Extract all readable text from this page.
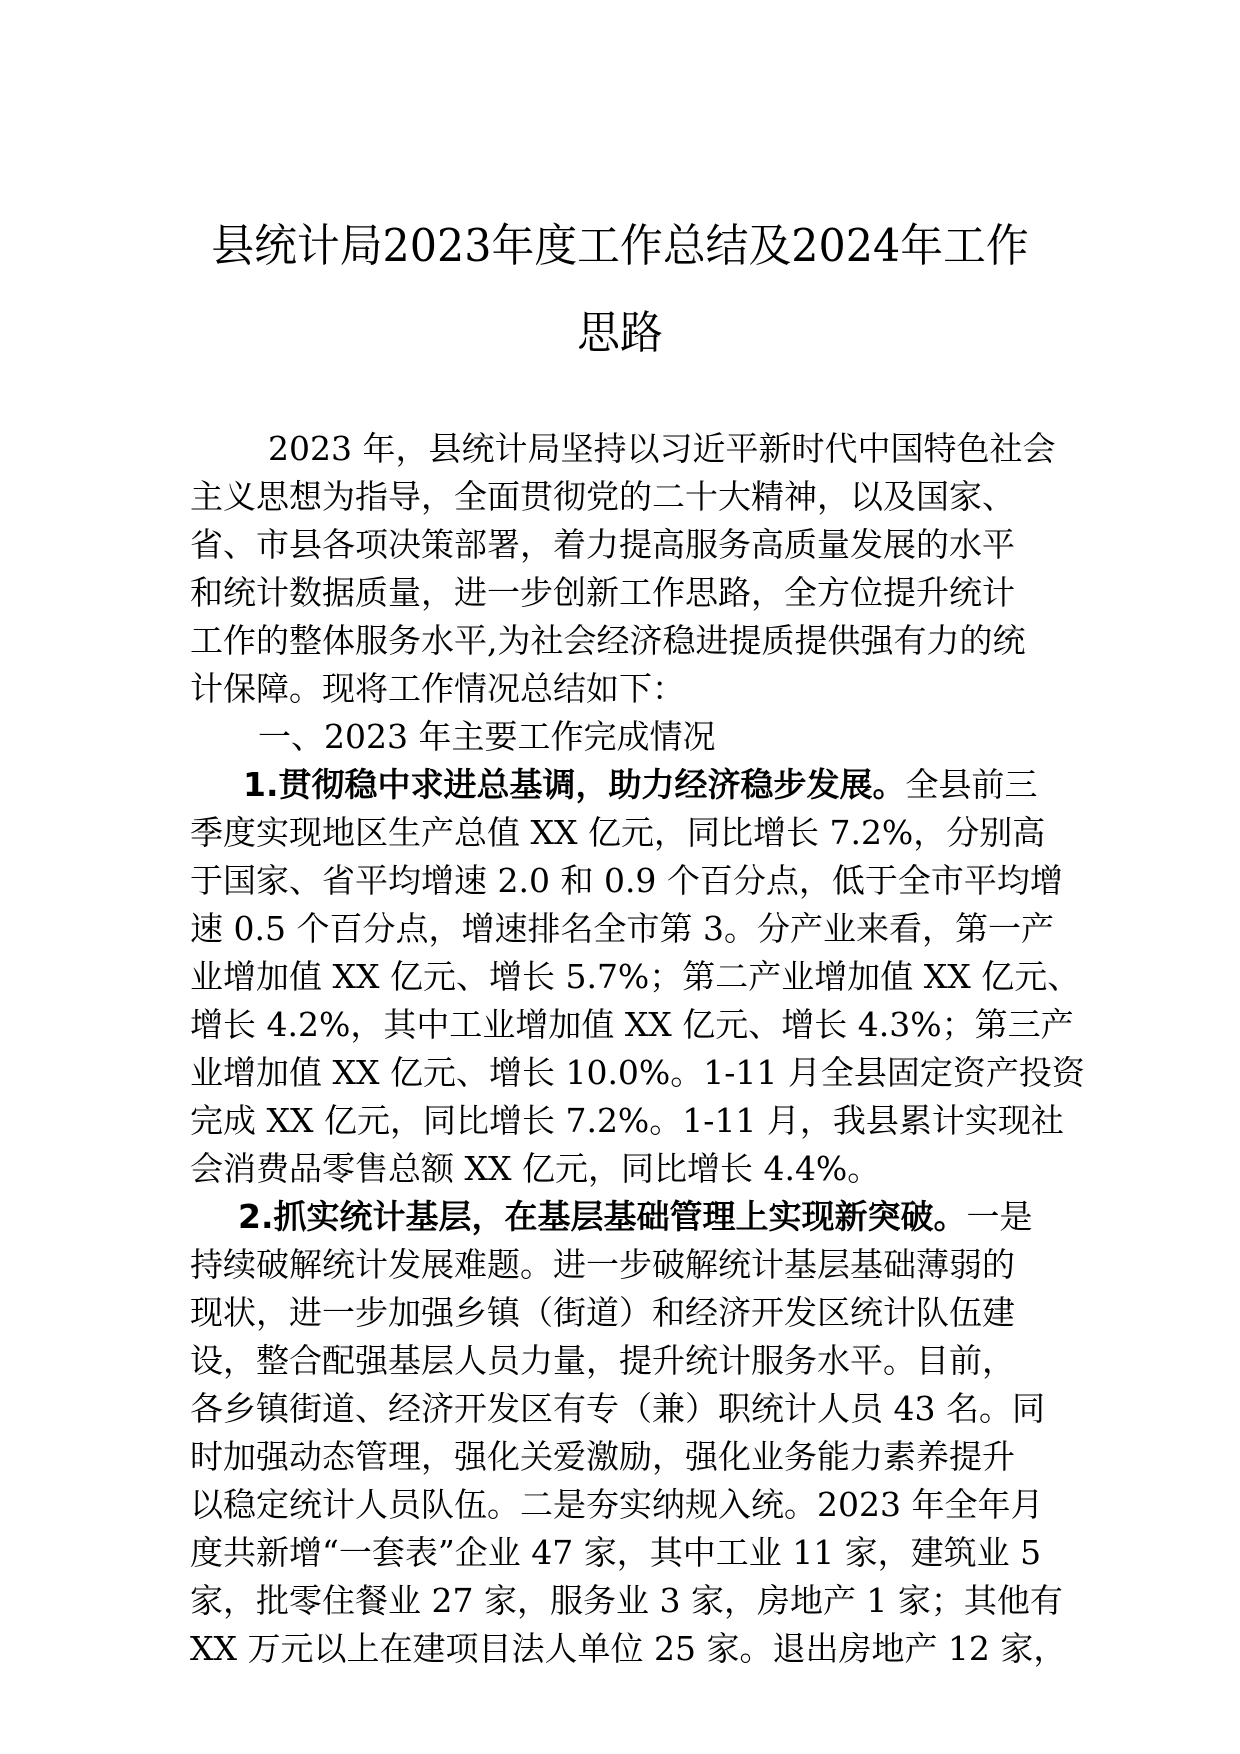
县统计局2023年度工作总结及2024年工作
思路
2023 年，县统计局坚持以习近平新时代中国特色社会
主义思想为指导，全面贯彻党的二十大精神，以及国家、
省、市县各项决策部署，着力提高服务高质量发展的水平
和统计数据质量，进一步创新工作思路，全方位提升统计
工作的整体服务水平,为社会经济稳进提质提供强有力的统
计保障。现将工作情况总结如下：
一、2023 年主要工作完成情况
1.贯彻稳中求进总基调，助力经济稳步发展。全县前三
季度实现地区生产总值 XX 亿元，同比增长 7.2%，分别高
于国家、省平均增速 2.0 和 0.9 个百分点，低于全市平均增
速 0.5 个百分点，增速排名全市第 3。分产业来看，第一产
业增加值 XX 亿元、增长 5.7%；第二产业增加值 XX 亿元、
增长 4.2%，其中工业增加值 XX 亿元、增长 4.3%；第三产
业增加值 XX 亿元、增长 10.0%。1-11 月全县固定资产投资
完成 XX 亿元，同比增长 7.2%。1-11 月，我县累计实现社
会消费品零售总额 XX 亿元，同比增长 4.4%。
2.抓实统计基层，在基层基础管理上实现新突破。一是
持续破解统计发展难题。进一步破解统计基层基础薄弱的
现状，进一步加强乡镇（街道）和经济开发区统计队伍建
设，整合配强基层人员力量，提升统计服务水平。目前，
各乡镇街道、经济开发区有专（兼）职统计人员 43 名。同
时加强动态管理，强化关爱激励，强化业务能力素养提升
以稳定统计人员队伍。二是夯实纳规入统。2023 年全年月
度共新增“一套表”企业 47 家，其中工业 11 家，建筑业 5
家，批零住餐业 27 家，服务业 3 家，房地产 1 家；其他有
XX 万元以上在建项目法人单位 25 家。退出房地产 12 家，
